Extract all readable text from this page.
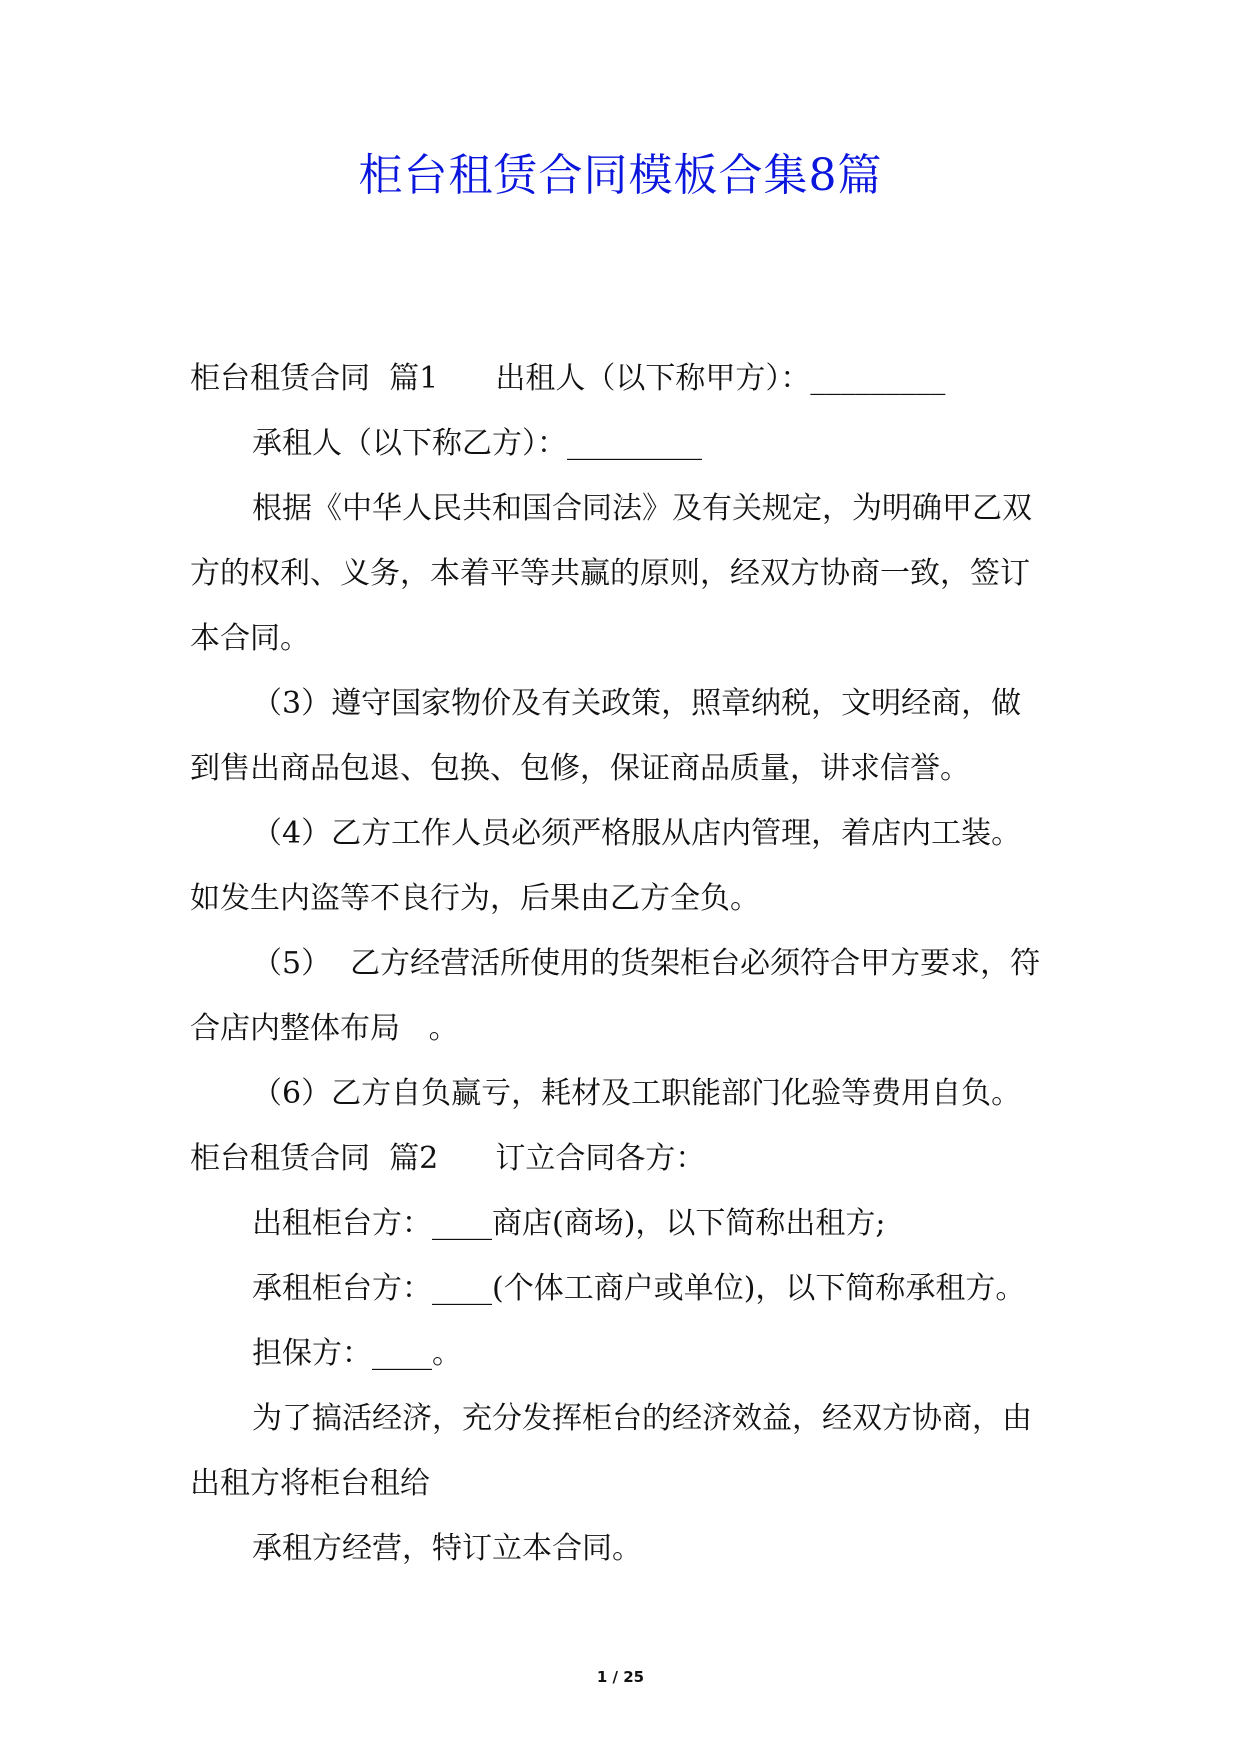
柜台租赁合同模板合集8篇
柜台租赁合同  篇1      出租人（以下称甲方）：_________
承租人（以下称乙方）：_________
根据《中华人民共和国合同法》及有关规定，为明确甲乙双
方的权利、义务，本着平等共赢的原则，经双方协商一致，签订
本合同。
（3）遵守国家物价及有关政策，照章纳税，文明经商，做
到售出商品包退、包换、包修，保证商品质量，讲求信誉。
（4）乙方工作人员必须严格服从店内管理，着店内工装。
如发生内盗等不良行为，后果由乙方全负。
（5）  乙方经营活所使用的货架柜台必须符合甲方要求，符
合店内整体布局   。
（6）乙方自负赢亏，耗材及工职能部门化验等费用自负。
柜台租赁合同  篇2      订立合同各方：
出租柜台方：____商店(商场)，以下简称出租方;
承租柜台方：____(个体工商户或单位)，以下简称承租方。
担保方：____。
为了搞活经济，充分发挥柜台的经济效益，经双方协商，由
出租方将柜台租给
承租方经营，特订立本合同。
1 / 25
